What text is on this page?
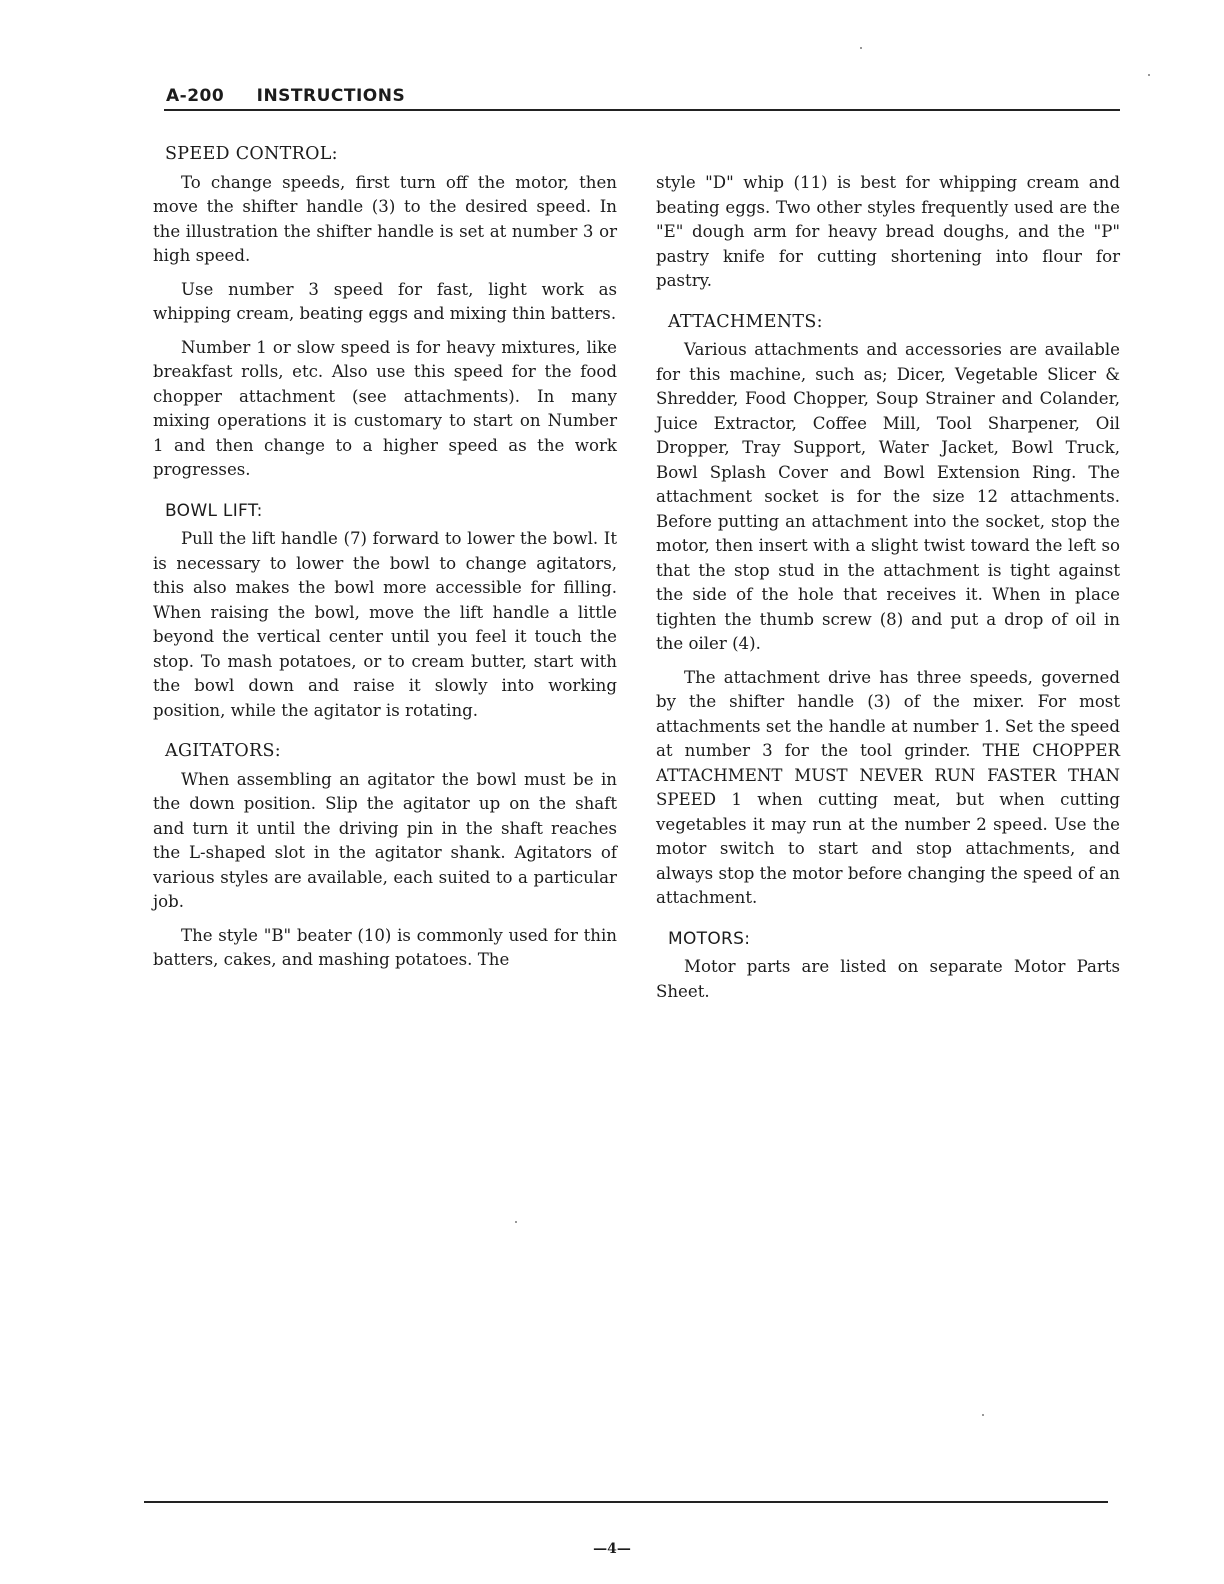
A-200 INSTRUCTIONS
SPEED CONTROL:

To change speeds, first turn off the motor, then move the shifter handle (3) to the desired speed. In the illustration the shifter handle is set at number 3 or high speed.

Use number 3 speed for fast, light work as whipping cream, beating eggs and mixing thin batters.

Number 1 or slow speed is for heavy mixtures, like breakfast rolls, etc. Also use this speed for the food chopper attachment (see attachments). In many mixing operations it is customary to start on Number 1 and then change to a higher speed as the work progresses.

BOWL LIFT:

Pull the lift handle (7) forward to lower the bowl. It is necessary to lower the bowl to change agitators, this also makes the bowl more accessible for filling. When raising the bowl, move the lift handle a little beyond the vertical center until you feel it touch the stop. To mash potatoes, or to cream butter, start with the bowl down and raise it slowly into working position, while the agitator is rotating.

AGITATORS:

When assembling an agitator the bowl must be in the down position. Slip the agitator up on the shaft and turn it until the driving pin in the shaft reaches the L-shaped slot in the agitator shank. Agitators of various styles are available, each suited to a particular job.

The style "B" beater (10) is commonly used for thin batters, cakes, and mashing potatoes. The

style "D" whip (11) is best for whipping cream and beating eggs. Two other styles frequently used are the "E" dough arm for heavy bread doughs, and the "P" pastry knife for cutting shortening into flour for pastry.

ATTACHMENTS:

Various attachments and accessories are available for this machine, such as; Dicer, Vegetable Slicer & Shredder, Food Chopper, Soup Strainer and Colander, Juice Extractor, Coffee Mill, Tool Sharpener, Oil Dropper, Tray Support, Water Jacket, Bowl Truck, Bowl Splash Cover and Bowl Extension Ring. The attachment socket is for the size 12 attachments. Before putting an attachment into the socket, stop the motor, then insert with a slight twist toward the left so that the stop stud in the attachment is tight against the side of the hole that receives it. When in place tighten the thumb screw (8) and put a drop of oil in the oiler (4).

The attachment drive has three speeds, governed by the shifter handle (3) of the mixer. For most attachments set the handle at number 1. Set the speed at number 3 for the tool grinder. THE CHOPPER ATTACHMENT MUST NEVER RUN FASTER THAN SPEED 1 when cutting meat, but when cutting vegetables it may run at the number 2 speed. Use the motor switch to start and stop attachments, and always stop the motor before changing the speed of an attachment.

MOTORS:

Motor parts are listed on separate Motor Parts Sheet.

—4—
